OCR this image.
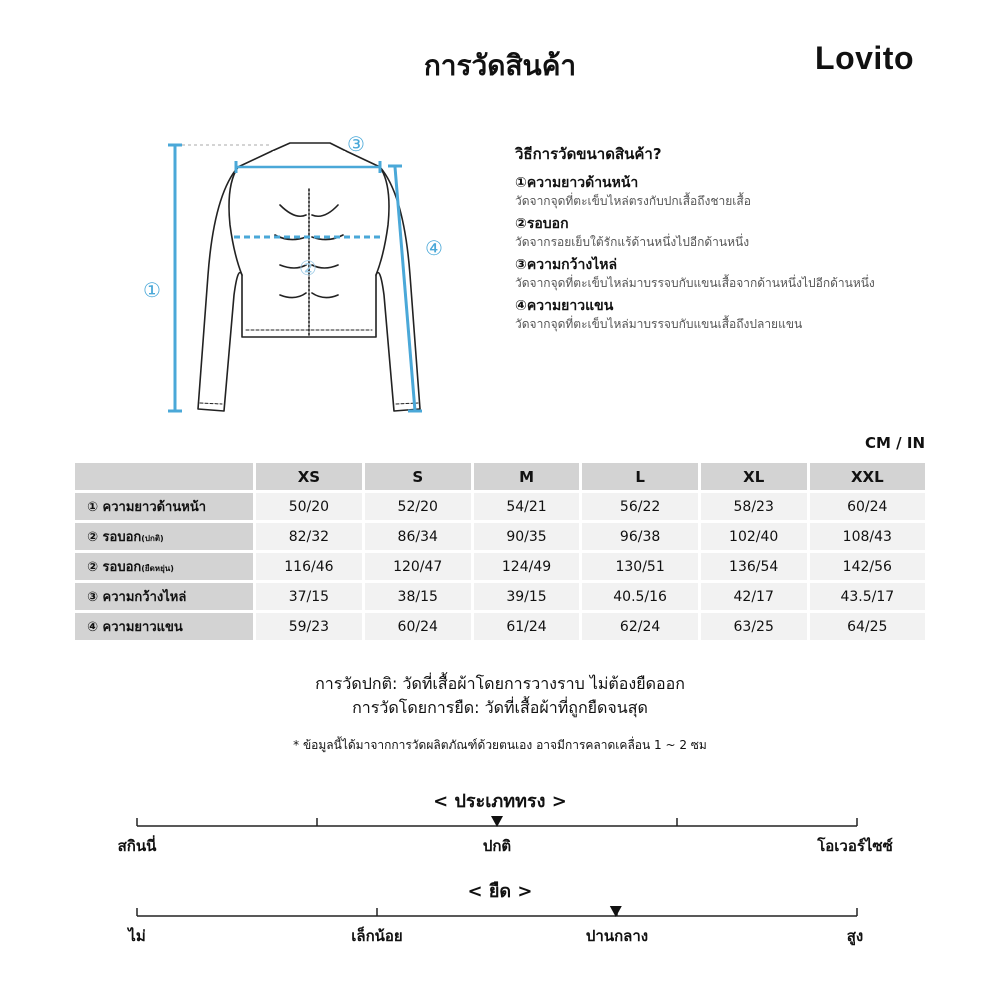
การวัดสินค้า	Lovito
①
③
④
②
วิธีการวัดขนาดสินค้า?
①ความยาวด้านหน้า
วัดจากจุดที่ตะเข็บไหล่ตรงกับปกเสื้อถึงชายเสื้อ
②รอบอก
วัดจากรอยเย็บใต้รักแร้ด้านหนึ่งไปอีกด้านหนึ่ง
③ความกว้างไหล่
วัดจากจุดที่ตะเข็บไหล่มาบรรจบกับแขนเสื้อจากด้านหนึ่งไปอีกด้านหนึ่ง
④ความยาวแขน
วัดจากจุดที่ตะเข็บไหล่มาบรรจบกับแขนเสื้อถึงปลายแขน
CM / IN
	XS	S	M	L	XL	XXL
① ความยาวด้านหน้า	50/20	52/20	54/21	56/22	58/23	60/24
② รอบอก(ปกติ)	82/32	86/34	90/35	96/38	102/40	108/43
② รอบอก(ยืดหยุ่น)	116/46	120/47	124/49	130/51	136/54	142/56
③ ความกว้างไหล่	37/15	38/15	39/15	40.5/16	42/17	43.5/17
④ ความยาวแขน	59/23	60/24	61/24	62/24	63/25	64/25
การวัดปกติ: วัดที่เสื้อผ้าโดยการวางราบ ไม่ต้องยืดออก
การวัดโดยการยืด: วัดที่เสื้อผ้าที่ถูกยืดจนสุด
* ข้อมูลนี้ได้มาจากการวัดผลิตภัณฑ์ด้วยตนเอง อาจมีการคลาดเคลื่อน 1 ~ 2 ซม
< ประเภททรง >
สกินนี่	ปกติ	โอเวอร์ไซซ์
< ยืด >
ไม่	เล็กน้อย	ปานกลาง	สูง
